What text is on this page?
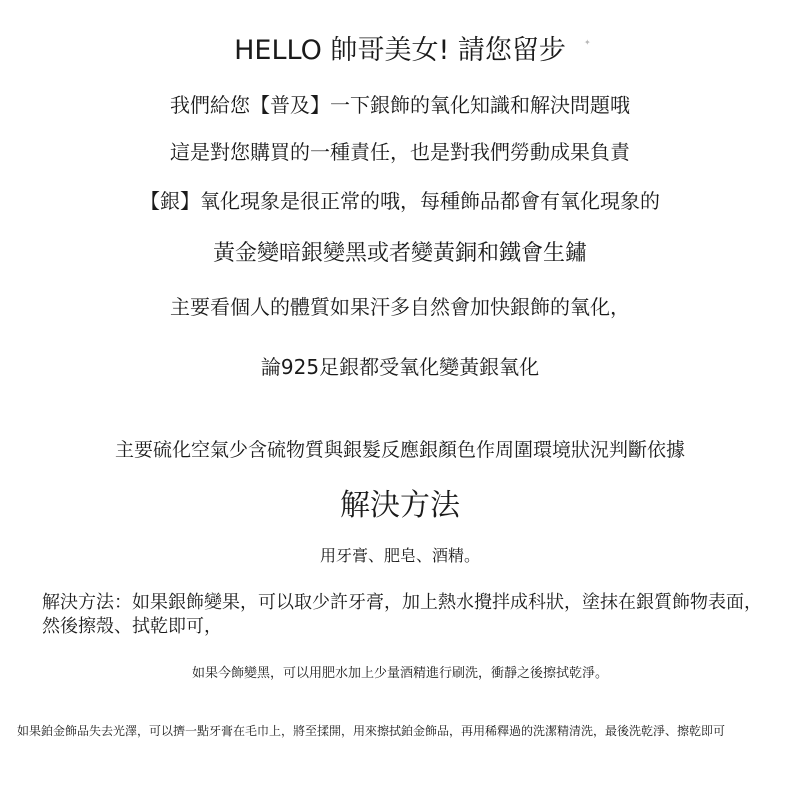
✦
HELLO 帥哥美女! 請您留步
我們給您【普及】一下銀飾的氧化知識和解決問題哦
這是對您購買的一種責任，也是對我們勞動成果負責
【銀】氧化現象是很正常的哦，每種飾品都會有氧化現象的
黃金變暗銀變黑或者變黃銅和鐵會生鏽
主要看個人的體質如果汗多自然會加快銀飾的氧化，
論925足銀都受氧化變黃銀氧化
主要硫化空氣少含硫物質與銀髮反應銀顏色作周圍環境狀況判斷依據
解決方法
用牙膏、肥皂、酒精。
解決方法：如果銀飾變果，可以取少許牙膏，加上熱水攪拌成科狀，塗抹在銀質飾物表面，然後擦殼、拭乾即可，
如果今飾變黑，可以用肥水加上少量酒精進行刷洗，衝靜之後擦拭乾淨。
如果鉑金飾品失去光澤，可以擠一點牙膏在毛巾上，將至揉開，用來擦拭鉑金飾品，再用稀釋過的洗潔精清洗，最後洗乾淨、擦乾即可
